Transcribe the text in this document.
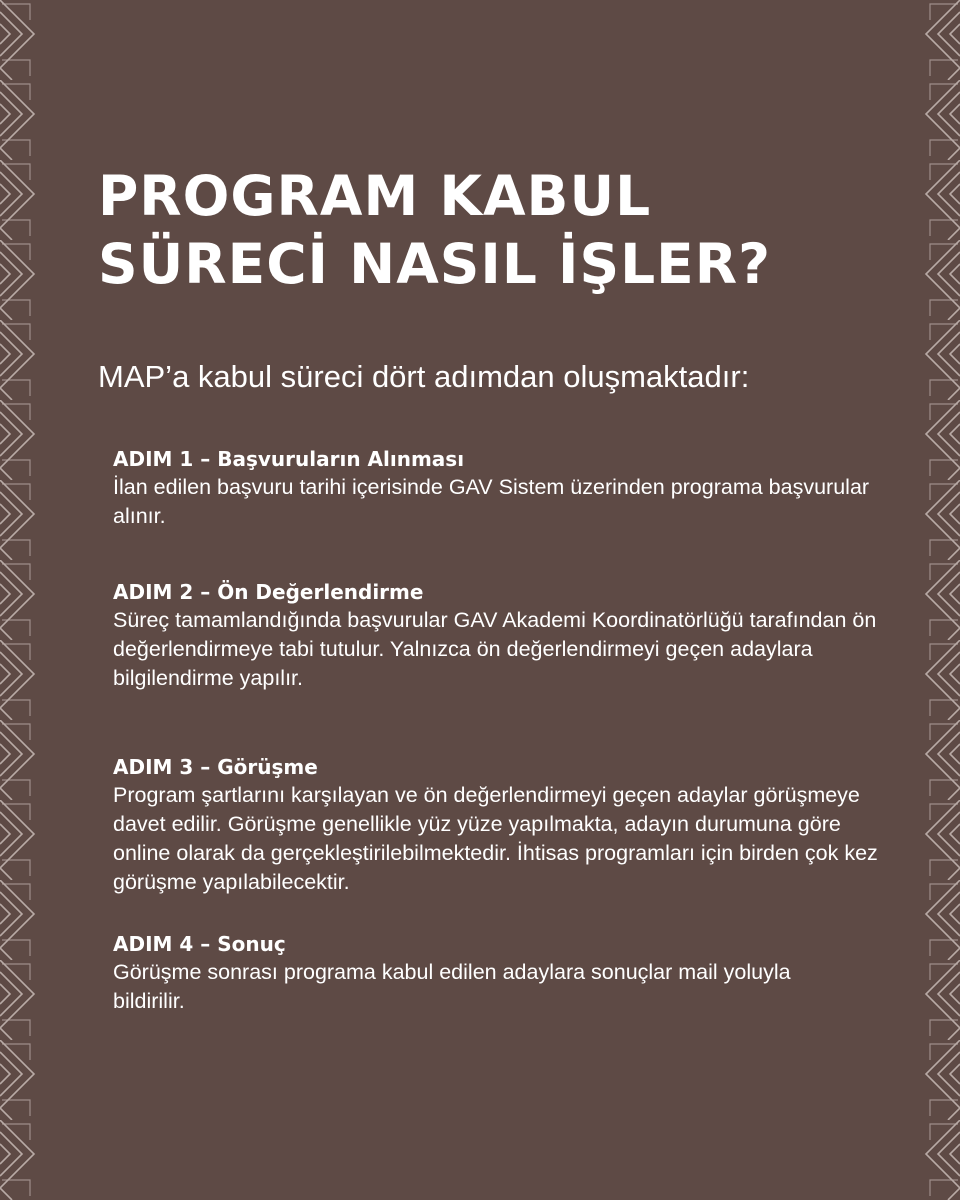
PROGRAM KABUL
SÜRECİ NASIL İŞLER?

MAP’a kabul süreci dört adımdan oluşmaktadır:

ADIM 1 – Başvuruların Alınması

İlan edilen başvuru tarihi içerisinde GAV Sistem üzerinden programa başvurular alınır.

ADIM 2 – Ön Değerlendirme

Süreç tamamlandığında başvurular GAV Akademi Koordinatörlüğü tarafından ön değerlendirmeye tabi tutulur. Yalnızca ön değerlendirmeyi geçen adaylara bilgilendirme yapılır.

ADIM 3 – Görüşme

Program şartlarını karşılayan ve ön değerlendirmeyi geçen adaylar görüşmeye davet edilir. Görüşme genellikle yüz yüze yapılmakta, adayın durumuna göre online olarak da gerçekleştirilebilmektedir. İhtisas programları için birden çok kez görüşme yapılabilecektir.

ADIM 4 – Sonuç

Görüşme sonrası programa kabul edilen adaylara sonuçlar mail yoluyla bildirilir.
